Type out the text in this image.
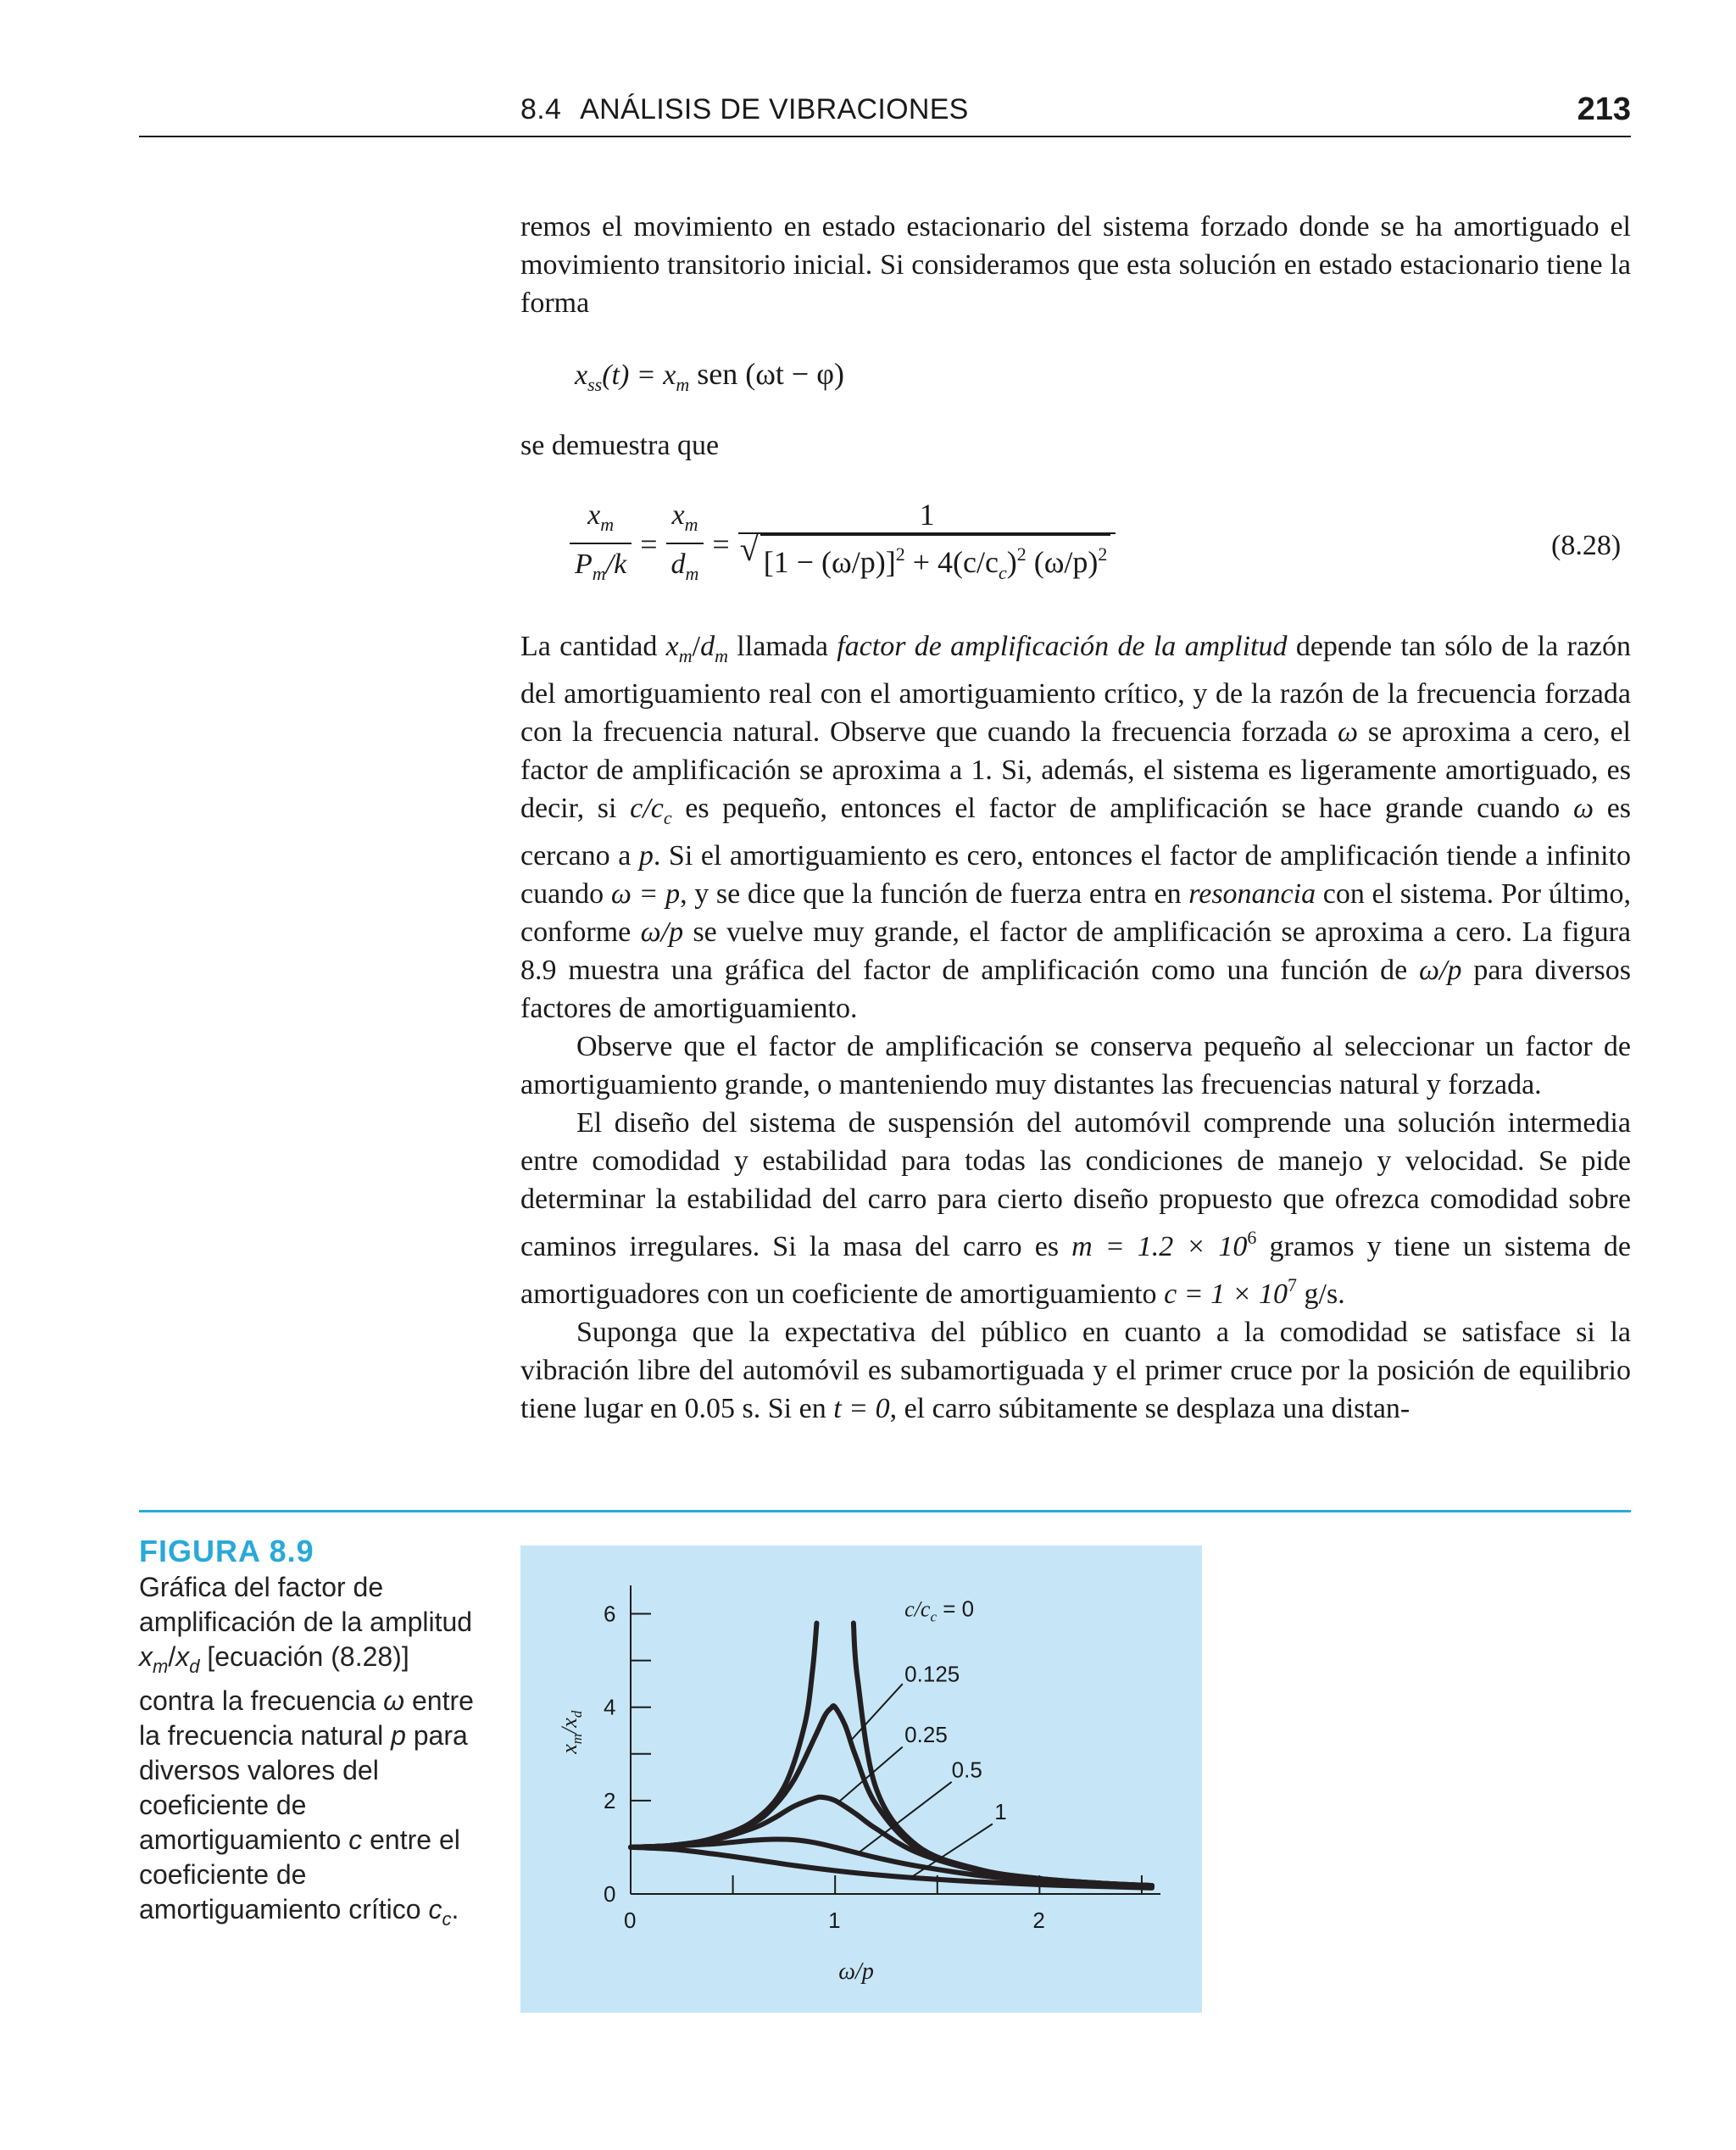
8.4 ANÁLISIS DE VIBRACIONES	213

remos el movimiento en estado estacionario del sistema forzado donde se ha amortiguado el movimiento transitorio inicial. Si consideramos que esta solución en estado estacionario tiene la forma

$x_{ss}(t) = x_m$ sen (ωt − φ)

se demuestra que

$\frac{x_m}{P_m/k} = \frac{x_m}{d_m} = 1$
√ $[1 - (\omega/p)]^2 + 4(c/c_c)^2$ $(\omega/p)^2$	(8.28)

La cantidad $x_m/d_m$ llamada factor de amplificación de la amplitud depende tan sólo de la razón del amortiguamiento real con el amortiguamiento crítico, y de la razón de la frecuencia forzada con la frecuencia natural. Observe que cuando la frecuencia forzada ω se aproxima a cero, el factor de amplificación se aproxima a 1. Si, además, el sistema es ligeramente amortiguado, es decir, si $c/c_c$ es pequeño, entonces el factor de amplificación se hace grande cuando ω es cercano a p. Si el amortiguamiento es cero, entonces el factor de amplificación tiende a infinito cuando ω = p, y se dice que la función de fuerza entra en resonancia con el sistema. Por último, conforme ω/p se vuelve muy grande, el factor de amplificación se aproxima a cero. La figura 8.9 muestra una gráfica del factor de amplificación como una función de ω/p para diversos factores de amortiguamiento.

Observe que el factor de amplificación se conserva pequeño al seleccionar un factor de amortiguamiento grande, o manteniendo muy distantes las frecuencias natural y forzada.

El diseño del sistema de suspensión del automóvil comprende una solución intermedia entre comodidad y estabilidad para todas las condiciones de manejo y velocidad. Se pide determinar la estabilidad del carro para cierto diseño propuesto que ofrezca comodidad sobre caminos irregulares. Si la masa del carro es $m = 1.2 \times 10^6$ gramos y tiene un sistema de amortiguadores con un coeficiente de amortiguamiento $c = 1 \times 10^7$ g/s.

Suponga que la expectativa del público en cuanto a la comodidad se satisface si la vibración libre del automóvil es subamortiguada y el primer cruce por la posición de equilibrio tiene lugar en 0.05 s. Si en t = 0, el carro súbitamente se desplaza una distan-

FIGURA 8.9
Gráfica del factor de amplificación de la amplitud $x_m/x_d$ [ecuación (8.28)] contra la frecuencia ω entre la frecuencia natural p para diversos valores del coeficiente de amortiguamiento c entre el coeficiente de amortiguamiento crítico $c_c$.	0
2
4
6
0	1	2
ω/p
$x_m/x_d$
$c/c_c = 0$
0.125
0.25
0.5
1
